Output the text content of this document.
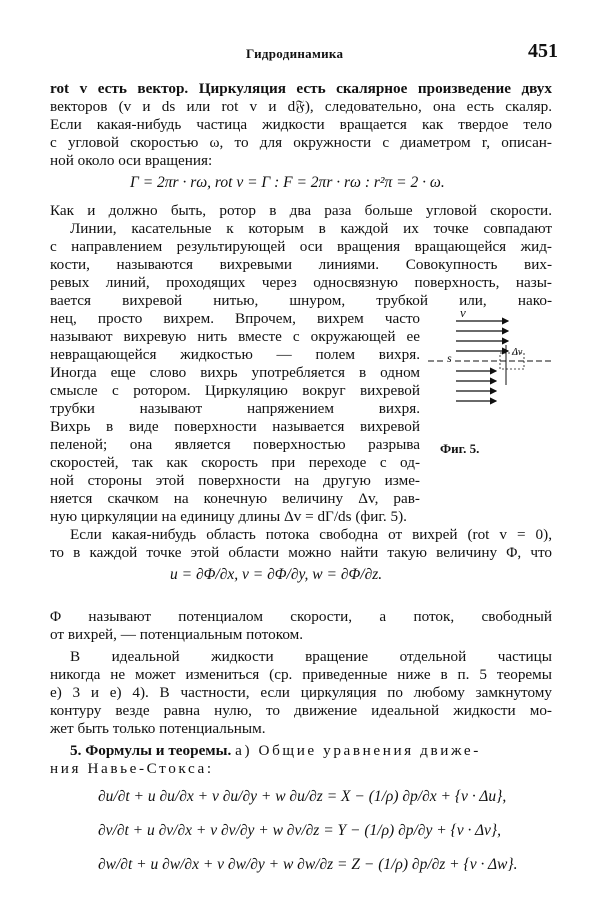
Гидродинамика	451
rot v есть вектор. Циркуляция есть скалярное произведение двух
векторов (v и ds или rot v и d𝔉), следовательно, она есть скаляр.
Если какая-нибудь частица жидкости вращается как твердое тело
с угловой скоростью ω, то для окружности с диаметром r, описан-
ной около оси вращения:
Γ = 2πr · rω, rot v = Γ : F = 2πr · rω : r²π = 2 · ω.
Как и должно быть, ротор в два раза больше угловой скорости.
Линии, касательные к которым в каждой их точке совпадают
с направлением результирующей оси вращения вращающейся жид-
кости, называются вихревыми линиями. Совокупность вих-
ревых линий, проходящих через односвязную поверхность, назы-
вается вихревой нитью, шнуром, трубкой или, нако-
нец, просто вихрем. Впрочем, вихрем часто
называют вихревую нить вместе с окружающей ее
невращающейся жидкостью — полем вихря.
Иногда еще слово вихрь употребляется в одном
смысле с ротором. Циркуляцию вокруг вихревой
трубки называют напряжением вихря.
Вихрь в виде поверхности называется вихревой
пеленой; она является поверхностью разрыва
скоростей, так как скорость при переходе с од-
ной стороны этой поверхности на другую изме-
няется скачком на конечную величину Δv, рав-
ную циркуляции на единицу длины Δv = dΓ/ds (фиг. 5).
v
s	Δv
Фиг. 5.
Если какая-нибудь область потока свободна от вихрей (rot v = 0),
то в каждой точке этой области можно найти такую величину Φ, что
u = ∂Φ/∂x, v = ∂Φ/∂y, w = ∂Φ/∂z.
Φ называют потенциалом скорости, а поток, свободный
от вихрей, — потенциальным потоком.
В идеальной жидкости вращение отдельной частицы
никогда не может измениться (ср. приведенные ниже в п. 5 теоремы
е) 3 и е) 4). В частности, если циркуляция по любому замкнутому
контуру везде равна нулю, то движение идеальной жидкости мо-
жет быть только потенциальным.
5. Формулы и теоремы. а) Общие уравнения движе-
ния Навье-Стокса:
∂u/∂t + u ∂u/∂x + v ∂u/∂y + w ∂u/∂z = X − (1/ρ) ∂p/∂x + {ν · Δu},
∂v/∂t + u ∂v/∂x + v ∂v/∂y + w ∂v/∂z = Y − (1/ρ) ∂p/∂y + {ν · Δv},
∂w/∂t + u ∂w/∂x + v ∂w/∂y + w ∂w/∂z = Z − (1/ρ) ∂p/∂z + {ν · Δw}.
